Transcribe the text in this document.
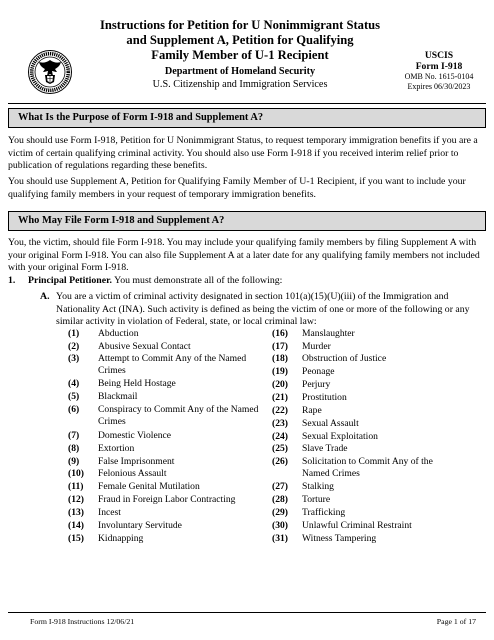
Instructions for Petition for U Nonimmigrant Status
and Supplement A, Petition for Qualifying
Family Member of U-1 Recipient
Department of Homeland Security
U.S. Citizenship and Immigration Services
USCIS
Form I-918
OMB No. 1615-0104
Expires 06/30/2023
What Is the Purpose of Form I-918 and Supplement A?
You should use Form I-918, Petition for U Nonimmigrant Status, to request temporary immigration benefits if you are a victim of certain qualifying criminal activity. You should also use Form I-918 if you received interim relief prior to publication of regulations regarding these benefits.
You should use Supplement A, Petition for Qualifying Family Member of U-1 Recipient, if you want to include your qualifying family members in your request of temporary immigration benefits.
Who May File Form I-918 and Supplement A?
You, the victim, should file Form I-918. You may include your qualifying family members by filing Supplement A with your original Form I-918. You can also file Supplement A at a later date for any qualifying family members not included with your original Form I-918.
1. Principal Petitioner. You must demonstrate all of the following:
A. You are a victim of criminal activity designated in section 101(a)(15)(U)(iii) of the Immigration and Nationality Act (INA). Such activity is defined as being the victim of one or more of the following or any similar activity in violation of Federal, state, or local criminal law:
(1) Abduction
(2) Abusive Sexual Contact
(3) Attempt to Commit Any of the Named Crimes
(4) Being Held Hostage
(5) Blackmail
(6) Conspiracy to Commit Any of the Named Crimes
(7) Domestic Violence
(8) Extortion
(9) False Imprisonment
(10) Felonious Assault
(11) Female Genital Mutilation
(12) Fraud in Foreign Labor Contracting
(13) Incest
(14) Involuntary Servitude
(15) Kidnapping
(16) Manslaughter
(17) Murder
(18) Obstruction of Justice
(19) Peonage
(20) Perjury
(21) Prostitution
(22) Rape
(23) Sexual Assault
(24) Sexual Exploitation
(25) Slave Trade
(26) Solicitation to Commit Any of the Named Crimes
(27) Stalking
(28) Torture
(29) Trafficking
(30) Unlawful Criminal Restraint
(31) Witness Tampering
Form I-918 Instructions 12/06/21	Page 1 of 17
